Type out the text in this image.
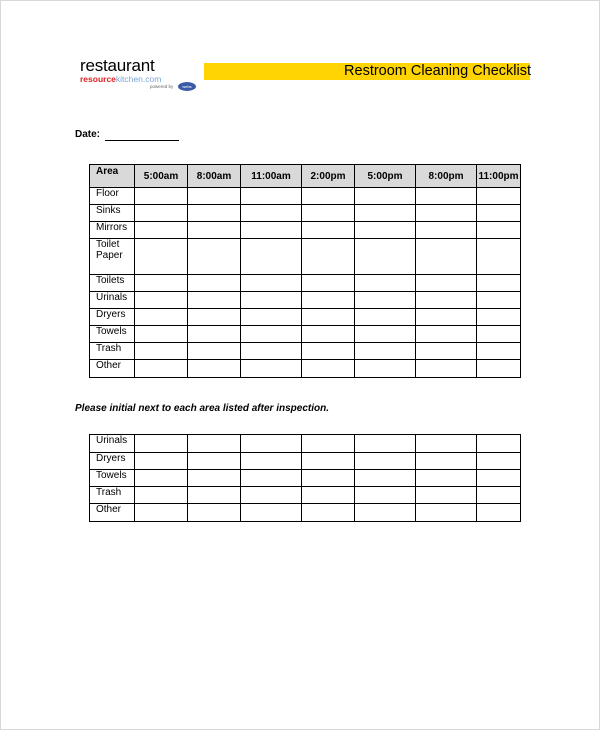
restaurant
resourcekitchen.com
powered by	webs
Restroom Cleaning Checklist
Date:
Area	5:00am	8:00am	11:00am	2:00pm	5:00pm	8:00pm	11:00pm
Floor							
Sinks							
Mirrors							
Toilet Paper							
Toilets							
Urinals							
Dryers							
Towels							
Trash							
Other							
Please initial next to each area listed after inspection.
Urinals							
Dryers							
Towels							
Trash							
Other							
